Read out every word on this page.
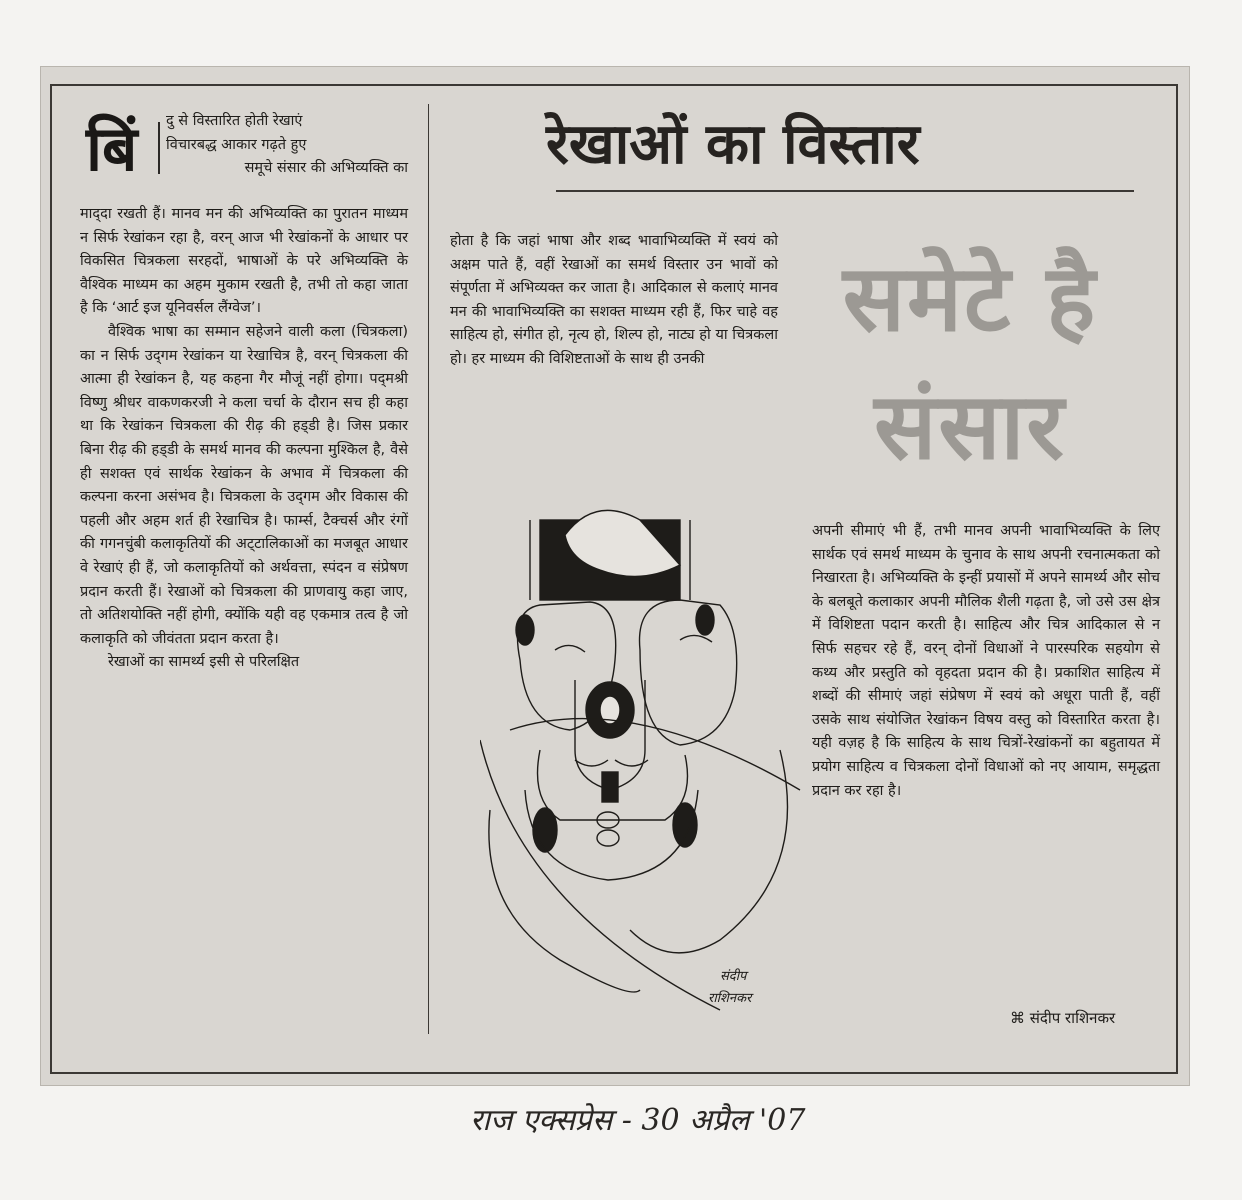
बिं दु से विस्तारित होती रेखाएं
विचारबद्ध आकार गढ़ते हुए
समूचे संसार की अभिव्यक्ति का

माद्‌दा रखती हैं। मानव मन की अभिव्यक्ति का पुरातन माध्यम न सिर्फ रेखांकन रहा है, वरन्‌ आज भी रेखांकनों के आधार पर विकसित चित्रकला सरहदों, भाषाओं के परे अभिव्यक्ति के वैश्विक माध्यम का अहम मुकाम रखती है, तभी तो कहा जाता है कि ‘आर्ट इज यूनिवर्सल लैंग्वेज’।

वैश्विक भाषा का सम्मान सहेजने वाली कला (चित्रकला) का न सिर्फ उद्‌गम रेखांकन या रेखाचित्र है, वरन्‌ चित्रकला की आत्मा ही रेखांकन है, यह कहना गैर मौजूं नहीं होगा। पद्‌मश्री विष्णु श्रीधर वाकणकरजी ने कला चर्चा के दौरान सच ही कहा था कि रेखांकन चित्रकला की रीढ़ की हड्‌डी है। जिस प्रकार बिना रीढ़ की हड्‌डी के समर्थ मानव की कल्पना मुश्किल है, वैसे ही सशक्त एवं सार्थक रेखांकन के अभाव में चित्रकला की कल्पना करना असंभव है। चित्रकला के उद्‌गम और विकास की पहली और अहम शर्त ही रेखाचित्र है। फार्म्स, टैक्चर्स और रंगों की गगनचुंबी कलाकृतियों की अट्‌टालिकाओं का मजबूत आधार वे रेखाएं ही हैं, जो कलाकृतियों को अर्थवत्ता, स्पंदन व संप्रेषण प्रदान करती हैं। रेखाओं को चित्रकला की प्राणवायु कहा जाए, तो अतिशयोक्ति नहीं होगी, क्योंकि यही वह एकमात्र तत्व है जो कलाकृति को जीवंतता प्रदान करता है।

रेखाओं का सामर्थ्य इसी से परिलक्षित

रेखाओं का विस्तार
समेटे है
संसार

होता है कि जहां भाषा और शब्द भावाभिव्यक्ति में स्वयं को अक्षम पाते हैं, वहीं रेखाओं का समर्थ विस्तार उन भावों को संपूर्णता में अभिव्यक्त कर जाता है। आदिकाल से कलाएं मानव मन की भावाभिव्यक्ति का सशक्त माध्यम रही हैं, फिर चाहे वह साहित्य हो, संगीत हो, नृत्य हो, शिल्प हो, नाट्य हो या चित्रकला हो। हर माध्यम की विशिष्टताओं के साथ ही उनकी

अपनी सीमाएं भी हैं, तभी मानव अपनी भावाभिव्यक्ति के लिए सार्थक एवं समर्थ माध्यम के चुनाव के साथ अपनी रचनात्मकता को निखारता है। अभिव्यक्ति के इन्हीं प्रयासों में अपने सामर्थ्य और सोच के बलबूते कलाकार अपनी मौलिक शैली गढ़ता है, जो उसे उस क्षेत्र में विशिष्टता पदान करती है। साहित्य और चित्र आदिकाल से न सिर्फ सहचर रहे हैं, वरन्‌ दोनों विधाओं ने पारस्परिक सहयोग से कथ्य और प्रस्तुति को वृहदता प्रदान की है। प्रकाशित साहित्य में शब्दों की सीमाएं जहां संप्रेषण में स्वयं को अधूरा पाती हैं, वहीं उसके साथ संयोजित रेखांकन विषय वस्तु को विस्तारित करता है। यही वज़ह है कि साहित्य के साथ चित्रों-रेखांकनों का बहुतायत में प्रयोग साहित्य व चित्रकला दोनों विधाओं को नए आयाम, समृद्धता प्रदान कर रहा है।

⌘ संदीप राशिनकर
संदीप
राशिनकर
राज एक्सप्रेस - 30 अप्रैल '07
